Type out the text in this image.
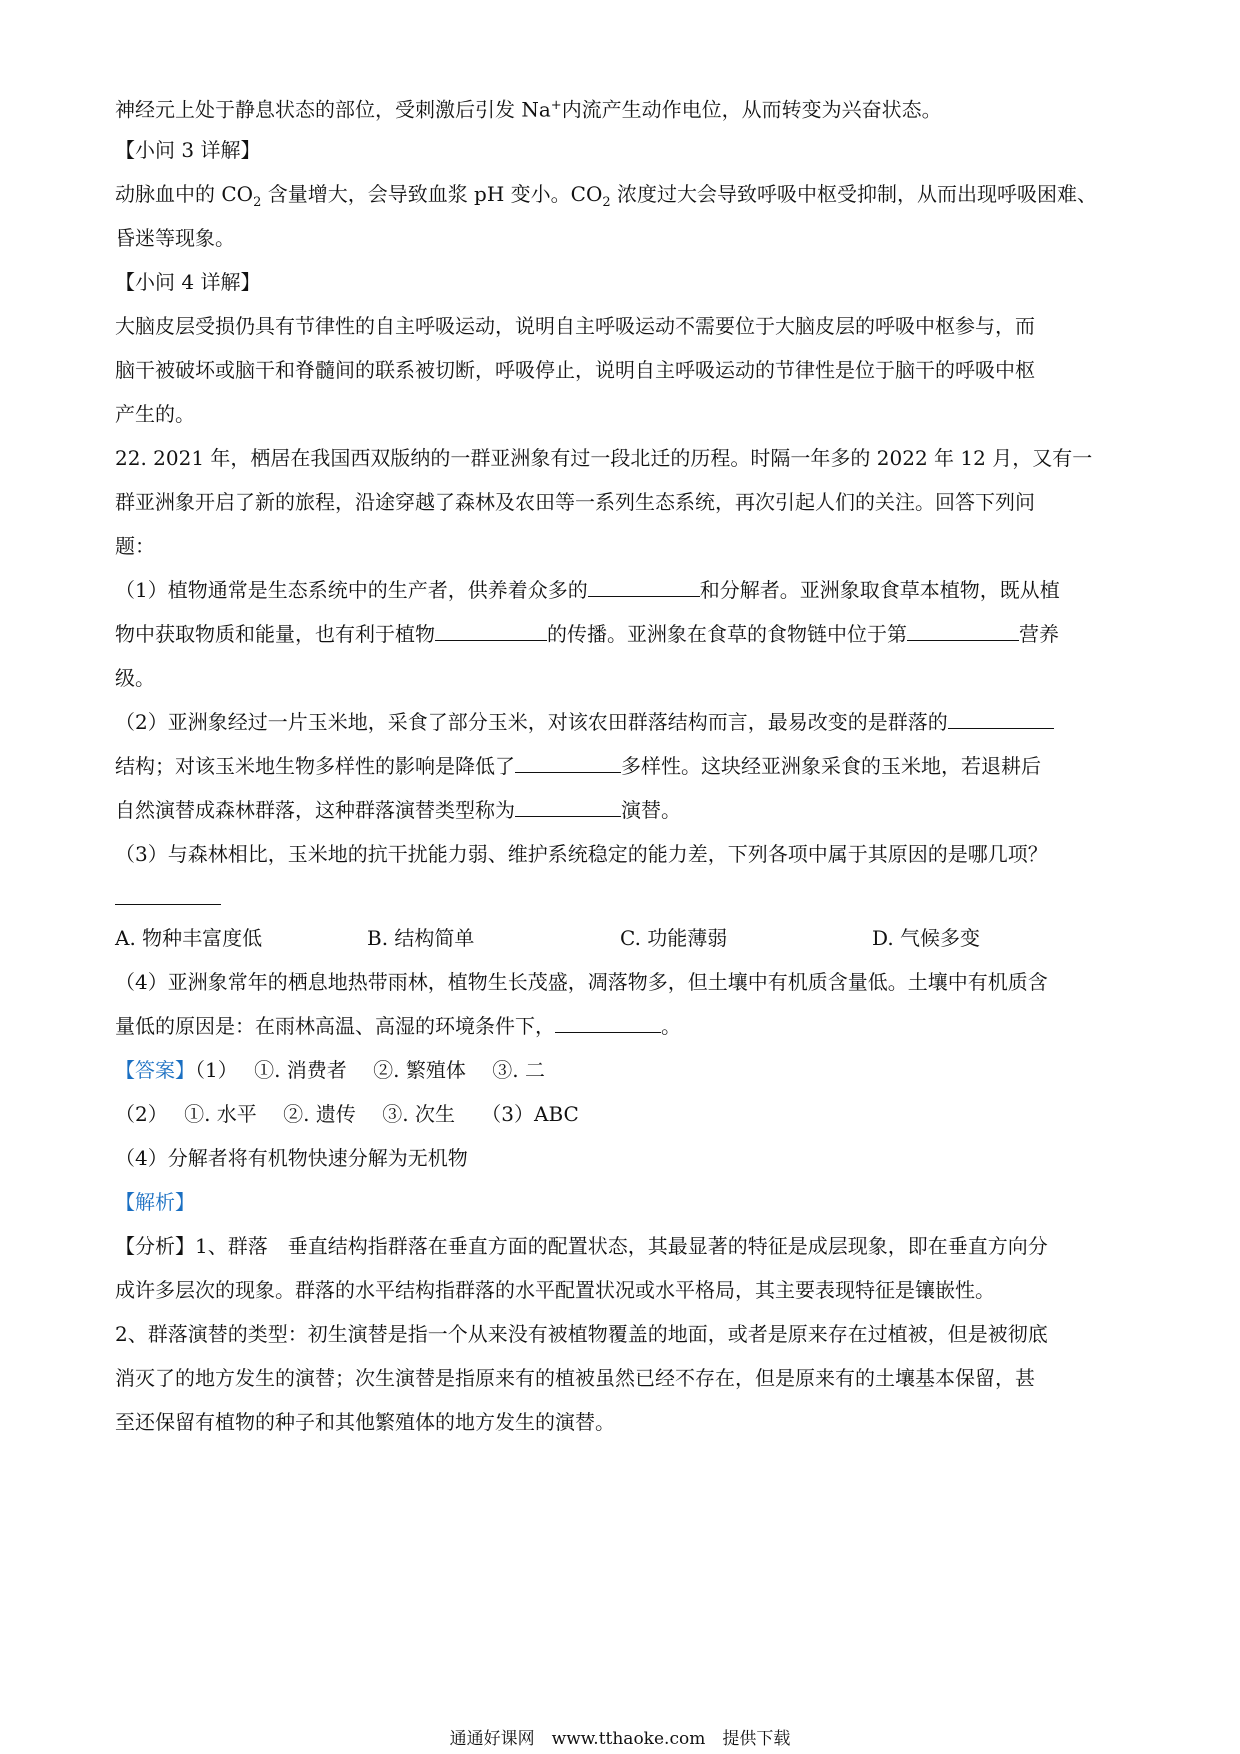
神经元上处于静息状态的部位，受刺激后引发 Na+内流产生动作电位，从而转变为兴奋状态。
【小问 3 详解】
动脉血中的 $CO_2$ 含量增大，会导致血浆 pH 变小。$CO_2$ 浓度过大会导致呼吸中枢受抑制，从而出现呼吸困难、
昏迷等现象。
【小问 4 详解】
大脑皮层受损仍具有节律性的自主呼吸运动，说明自主呼吸运动不需要位于大脑皮层的呼吸中枢参与，而
脑干被破坏或脑干和脊髓间的联系被切断，呼吸停止，说明自主呼吸运动的节律性是位于脑干的呼吸中枢
产生的。
22. 2021 年，栖居在我国西双版纳的一群亚洲象有过一段北迁的历程。时隔一年多的 2022 年 12 月，又有一
群亚洲象开启了新的旅程，沿途穿越了森林及农田等一系列生态系统，再次引起人们的关注。回答下列问
题：
（1）植物通常是生态系统中的生产者，供养着众多的	和分解者。亚洲象取食草本植物，既从植
物中获取物质和能量，也有利于植物	的传播。亚洲象在食草的食物链中位于第	营养
级。
（2）亚洲象经过一片玉米地，采食了部分玉米，对该农田群落结构而言，最易改变的是群落的
结构；对该玉米地生物多样性的影响是降低了	多样性。这块经亚洲象采食的玉米地，若退耕后
自然演替成森林群落，这种群落演替类型称为	演替。
（3）与森林相比，玉米地的抗干扰能力弱、维护系统稳定的能力差，下列各项中属于其原因的是哪几项？
A. 物种丰富度低	B. 结构简单	C. 功能薄弱	D. 气候多变
（4）亚洲象常年的栖息地热带雨林，植物生长茂盛，凋落物多，但土壤中有机质含量低。土壤中有机质含
量低的原因是：在雨林高温、高湿的环境条件下，	。
【答案】（1）　 ①. 消费者　 ②. 繁殖体　 ③. 二
（2）　 ①. 水平　 ②. 遗传　 ③. 次生　 （3）ABC
（4）分解者将有机物快速分解为无机物
【解析】
【分析】1、群落　垂直结构指群落在垂直方面的配置状态，其最显著的特征是成层现象，即在垂直方向分
成许多层次的现象。群落的水平结构指群落的水平配置状况或水平格局，其主要表现特征是镶嵌性。
2、群落演替的类型：初生演替是指一个从来没有被植物覆盖的地面，或者是原来存在过植被，但是被彻底
消灭了的地方发生的演替；次生演替是指原来有的植被虽然已经不存在，但是原来有的土壤基本保留，甚
至还保留有植物的种子和其他繁殖体的地方发生的演替。
通通好课网　www.tthaoke.com　提供下载
